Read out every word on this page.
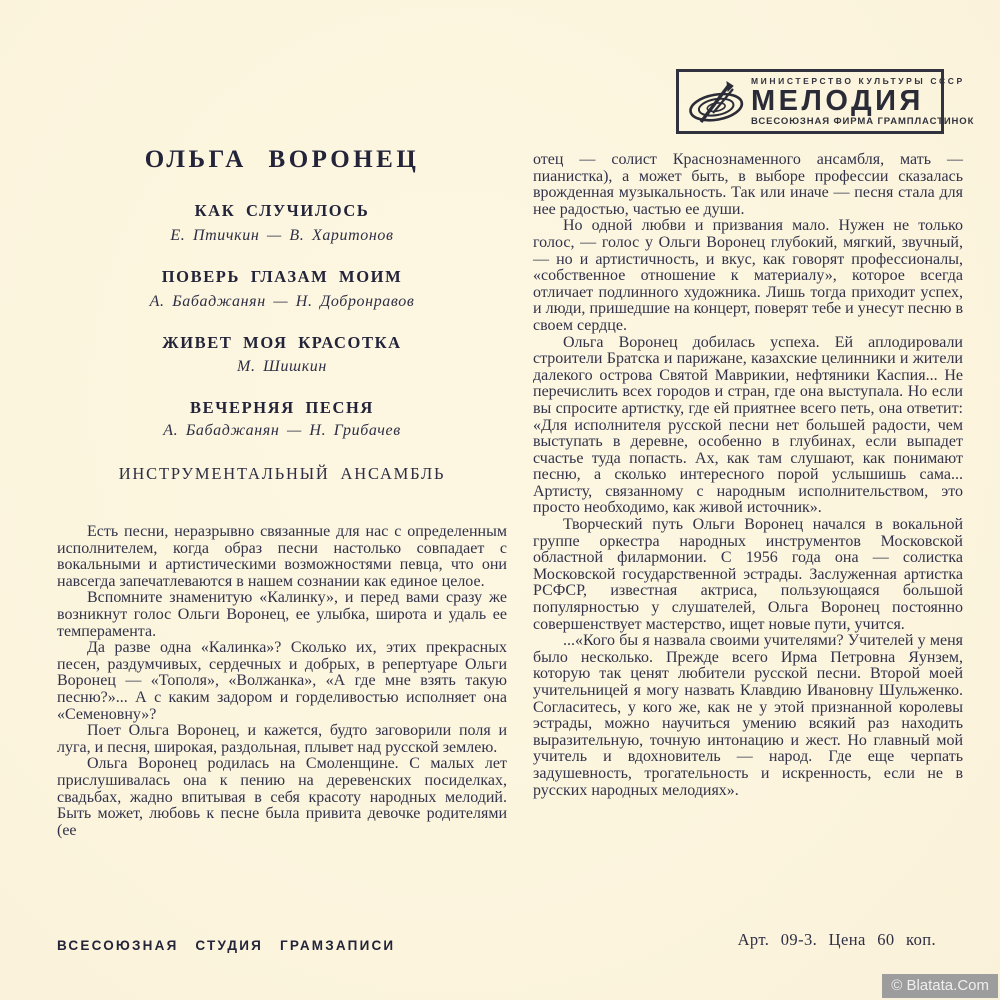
МИНИСТЕРСТВО КУЛЬТУРЫ СССР
МЕЛОДИЯ
ВСЕСОЮЗНАЯ ФИРМА ГРАМПЛАСТИНОК
ОЛЬГА ВОРОНЕЦ
КАК СЛУЧИЛОСЬ
Е. Птичкин — В. Харитонов
ПОВЕРЬ ГЛАЗАМ МОИМ
А. Бабаджанян — Н. Добронравов
ЖИВЕТ МОЯ КРАСОТКА
М. Шишкин
ВЕЧЕРНЯЯ ПЕСНЯ
А. Бабаджанян — Н. Грибачев
ИНСТРУМЕНТАЛЬНЫЙ АНСАМБЛЬ

Есть песни, неразрывно связанные для нас с определенным исполнителем, когда образ песни настолько совпадает с вокальными и артистическими возможностями певца, что они навсегда запечатлеваются в нашем сознании как единое целое.

Вспомните знаменитую «Калинку», и перед вами сразу же возникнут голос Ольги Воронец, ее улыбка, широта и удаль ее темперамента.

Да разве одна «Калинка»? Сколько их, этих прекрасных песен, раздумчивых, сердечных и добрых, в репертуаре Ольги Воронец — «Тополя», «Волжанка», «А где мне взять такую песню?»... А с каким задором и горделивостью исполняет она «Семеновну»?

Поет Ольга Воронец, и кажется, будто заговорили поля и луга, и песня, широкая, раздольная, плывет над русской землею.

Ольга Воронец родилась на Смоленщине. С малых лет прислушивалась она к пению на деревенских посиделках, свадьбах, жадно впитывая в себя красоту народных мелодий. Быть может, любовь к песне была привита девочке родителями (ее

отец — солист Краснознаменного ансамбля, мать — пианистка), а может быть, в выборе профессии сказалась врожденная музыкальность. Так или иначе — песня стала для нее радостью, частью ее души.

Но одной любви и призвания мало. Нужен не только голос, — голос у Ольги Воронец глубокий, мягкий, звучный, — но и артистичность, и вкус, как говорят профессионалы, «собственное отношение к материалу», которое всегда отличает подлинного художника. Лишь тогда приходит успех, и люди, пришедшие на концерт, поверят тебе и унесут песню в своем сердце.

Ольга Воронец добилась успеха. Ей аплодировали строители Братска и парижане, казахские целинники и жители далекого острова Святой Маврикии, нефтяники Каспия... Не перечислить всех городов и стран, где она выступала. Но если вы спросите артистку, где ей приятнее всего петь, она ответит: «Для исполнителя русской песни нет большей радости, чем выступать в деревне, особенно в глубинах, если выпадет счастье туда попасть. Ах, как там слушают, как понимают песню, а сколько интересного порой услышишь сама... Артисту, связанному с народным исполнительством, это просто необходимо, как живой источник».

Творческий путь Ольги Воронец начался в вокальной группе оркестра народных инструментов Московской областной филармонии. С 1956 года она — солистка Московской государственной эстрады. Заслуженная артистка РСФСР, известная актриса, пользующаяся большой популярностью у слушателей, Ольга Воронец постоянно совершенствует мастерство, ищет новые пути, учится.

...«Кого бы я назвала своими учителями? Учителей у меня было несколько. Прежде всего Ирма Петровна Яунзем, которую так ценят любители русской песни. Второй моей учительницей я могу назвать Клавдию Ивановну Шульженко. Согласитесь, у кого же, как не у этой признанной королевы эстрады, можно научиться умению всякий раз находить выразительную, точную интонацию и жест. Но главный мой учитель и вдохновитель — народ. Где еще черпать задушевность, трогательность и искренность, если не в русских народных мелодиях».

ВСЕСОЮЗНАЯ СТУДИЯ ГРАМЗАПИСИ	Арт. 09-3. Цена 60 коп.
© Blatata.Com
